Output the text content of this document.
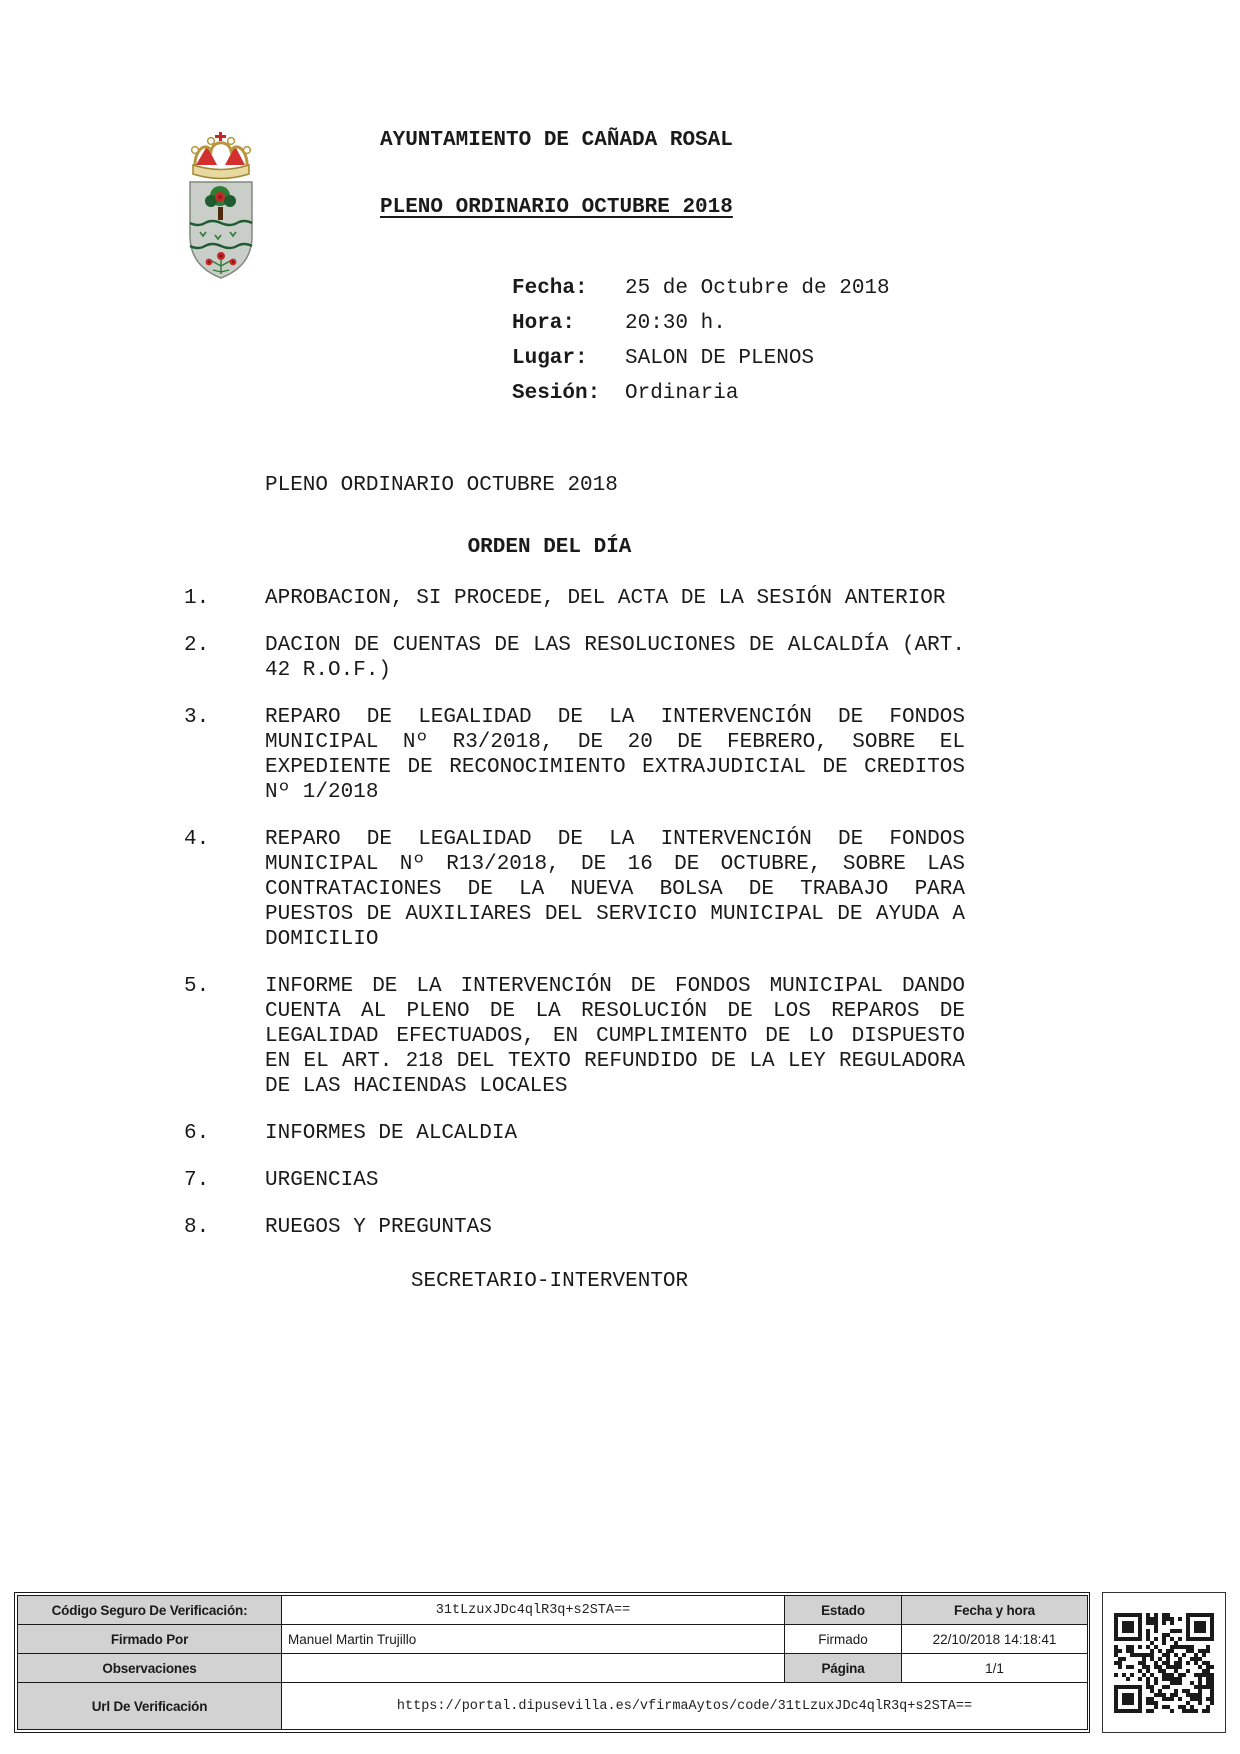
AYUNTAMIENTO DE CAÑADA ROSAL
PLENO ORDINARIO OCTUBRE 2018
Fecha: 25 de Octubre de 2018
Hora: 20:30 h.
Lugar: SALON DE PLENOS
Sesión: Ordinaria
PLENO ORDINARIO OCTUBRE 2018
ORDEN DEL DÍA
1.	APROBACION, SI PROCEDE, DEL ACTA DE LA SESIÓN ANTERIOR
2.	DACION DE CUENTAS DE LAS RESOLUCIONES DE ALCALDÍA (ART. 42 R.O.F.)
3.	REPARO DE LEGALIDAD DE LA INTERVENCIÓN DE FONDOS MUNICIPAL Nº R3/2018, DE 20 DE FEBRERO, SOBRE EL EXPEDIENTE DE RECONOCIMIENTO EXTRAJUDICIAL DE CREDITOS Nº 1/2018
4.	REPARO DE LEGALIDAD DE LA INTERVENCIÓN DE FONDOS MUNICIPAL Nº R13/2018, DE 16 DE OCTUBRE, SOBRE LAS CONTRATACIONES DE LA NUEVA BOLSA DE TRABAJO PARA PUESTOS DE AUXILIARES DEL SERVICIO MUNICIPAL DE AYUDA A DOMICILIO
5.	INFORME DE LA INTERVENCIÓN DE FONDOS MUNICIPAL DANDO CUENTA AL PLENO DE LA RESOLUCIÓN DE LOS REPAROS DE LEGALIDAD EFECTUADOS, EN CUMPLIMIENTO DE LO DISPUESTO EN EL ART. 218 DEL TEXTO REFUNDIDO DE LA LEY REGULADORA DE LAS HACIENDAS LOCALES
6.	INFORMES DE ALCALDIA
7.	URGENCIAS
8.	RUEGOS Y PREGUNTAS
SECRETARIO-INTERVENTOR
Código Seguro De Verificación:	31tLzuxJDc4qlR3q+s2STA==	Estado	Fecha y hora
Firmado Por	Manuel Martin Trujillo	Firmado	22/10/2018 14:18:41
Observaciones		Página	1/1
Url De Verificación	https://portal.dipusevilla.es/vfirmaAytos/code/31tLzuxJDc4qlR3q+s2STA==		
